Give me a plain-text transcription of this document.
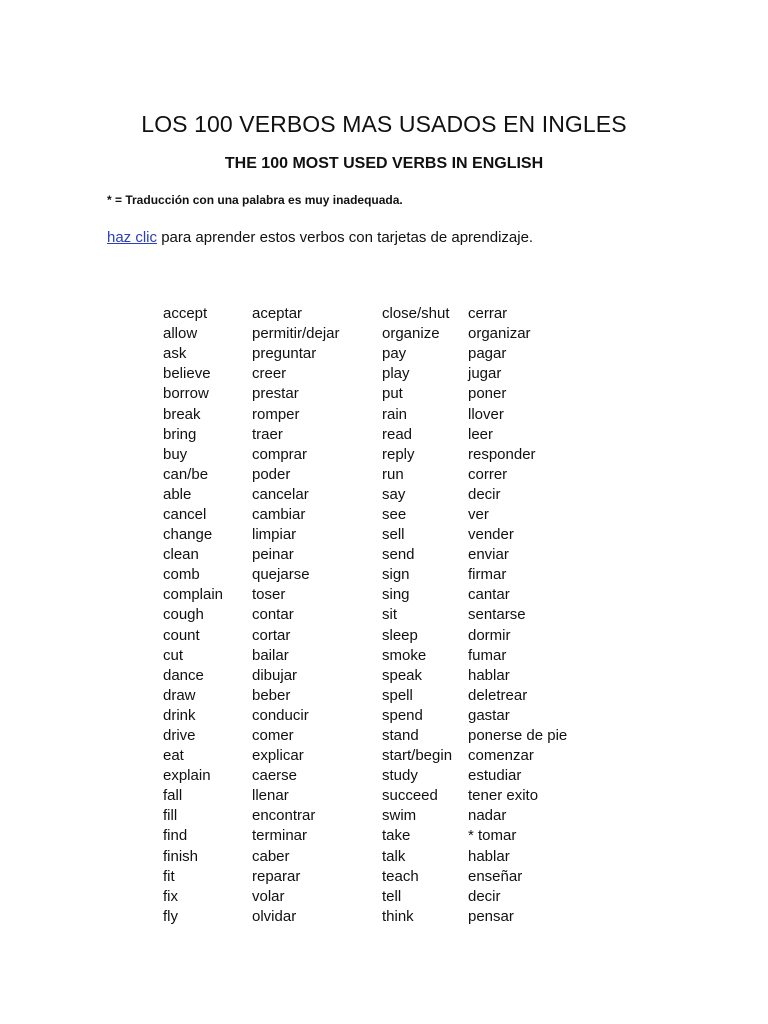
LOS 100 VERBOS MAS USADOS EN INGLES
THE 100 MOST USED VERBS IN ENGLISH

* = Traducción con una palabra es muy inadequada.

haz clic para aprender estos verbos con tarjetas de aprendizaje.

accept	aceptar	close/shut	cerrar
allow	permitir/dejar	organize	organizar
ask	preguntar	pay	pagar
believe	creer	play	jugar
borrow	prestar	put	poner
break	romper	rain	llover
bring	traer	read	leer
buy	comprar	reply	responder
can/be	poder	run	correr
able	cancelar	say	decir
cancel	cambiar	see	ver
change	limpiar	sell	vender
clean	peinar	send	enviar
comb	quejarse	sign	firmar
complain	toser	sing	cantar
cough	contar	sit	sentarse
count	cortar	sleep	dormir
cut	bailar	smoke	fumar
dance	dibujar	speak	hablar
draw	beber	spell	deletrear
drink	conducir	spend	gastar
drive	comer	stand	ponerse de pie
eat	explicar	start/begin	comenzar
explain	caerse	study	estudiar
fall	llenar	succeed	tener exito
fill	encontrar	swim	nadar
find	terminar	take	* tomar
finish	caber	talk	hablar
fit	reparar	teach	enseñar
fix	volar	tell	decir
fly	olvidar	think	pensar
